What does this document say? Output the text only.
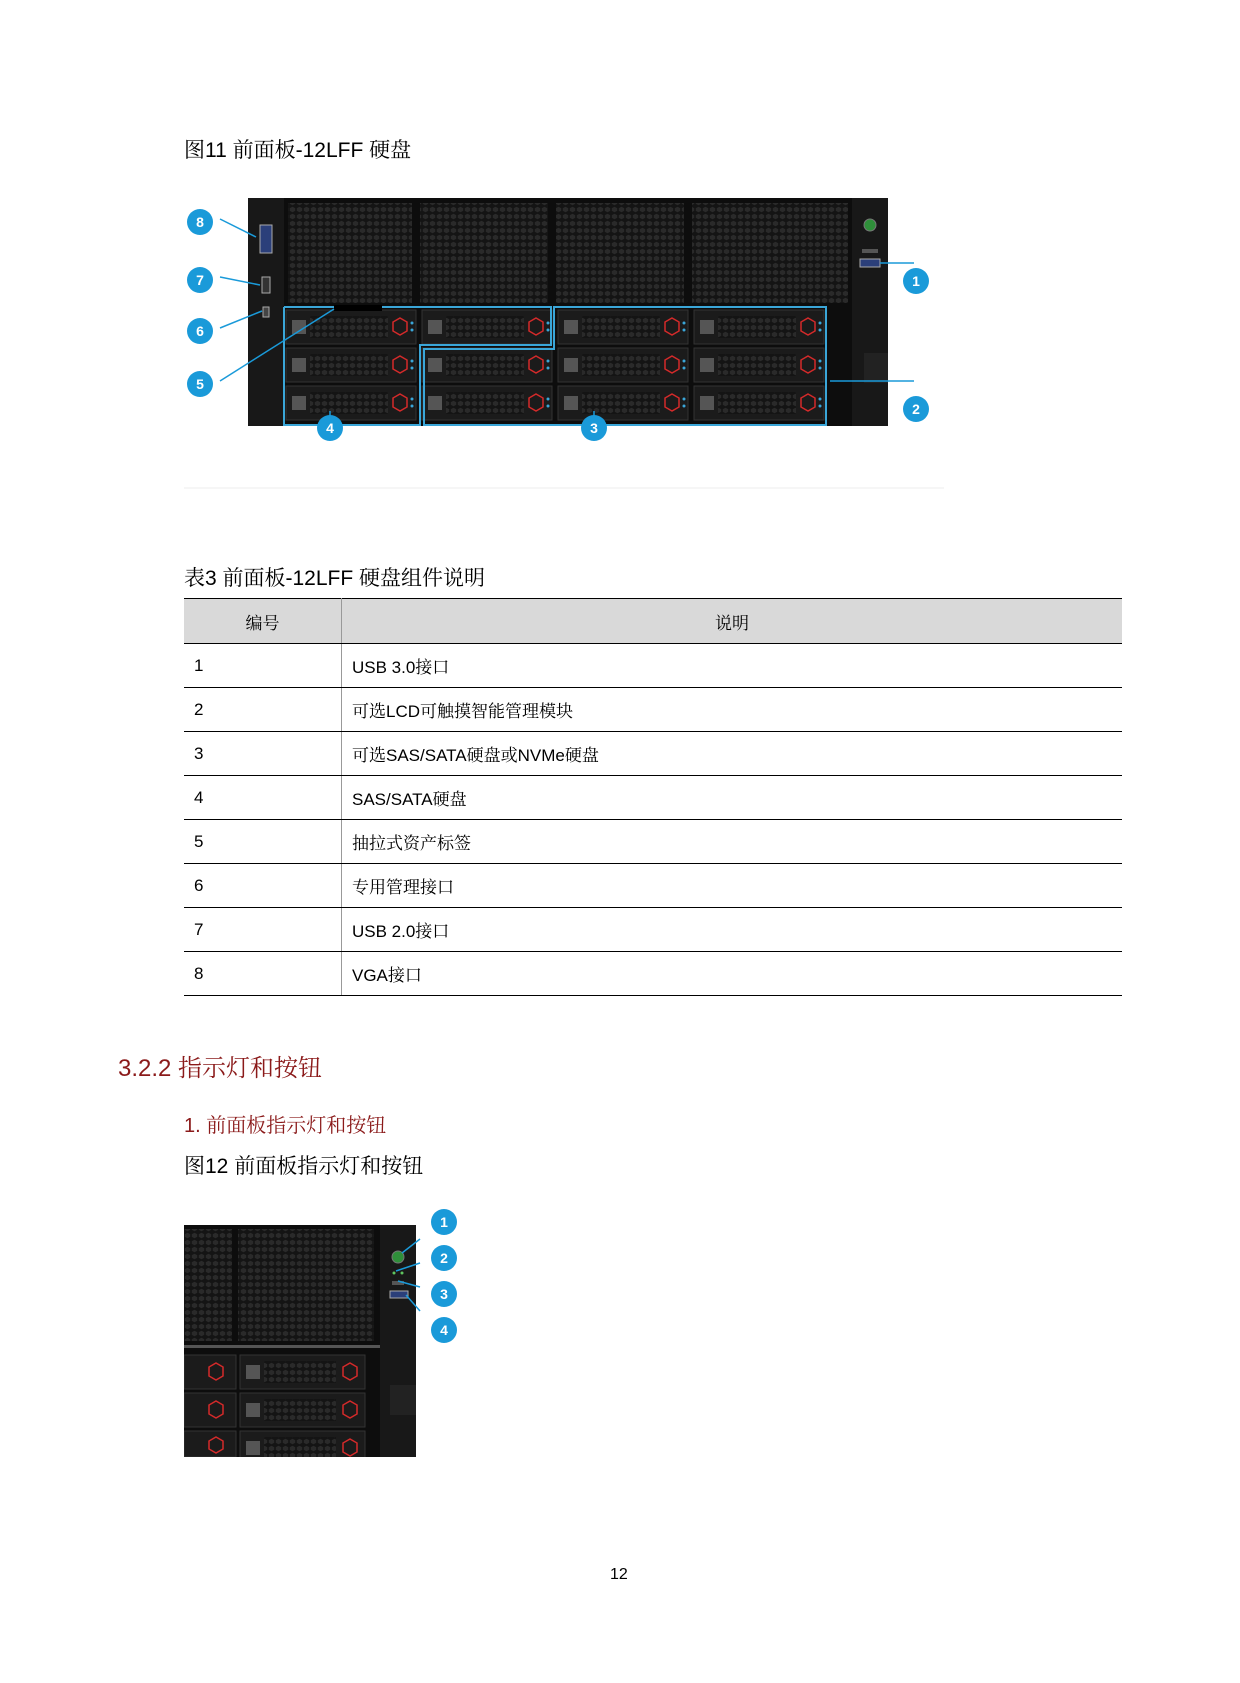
图11 前面板-12LFF 硬盘
8
7
6
5
4	3
1
2
表3 前面板-12LFF 硬盘组件说明
编号	说明
1	USB 3.0接口
2	可选LCD可触摸智能管理模块
3	可选SAS/SATA硬盘或NVMe硬盘
4	SAS/SATA硬盘
5	抽拉式资产标签
6	专用管理接口
7	USB 2.0接口
8	VGA接口
3.2.2 指示灯和按钮
1. 前面板指示灯和按钮
图12 前面板指示灯和按钮
1
2
3
4
12
